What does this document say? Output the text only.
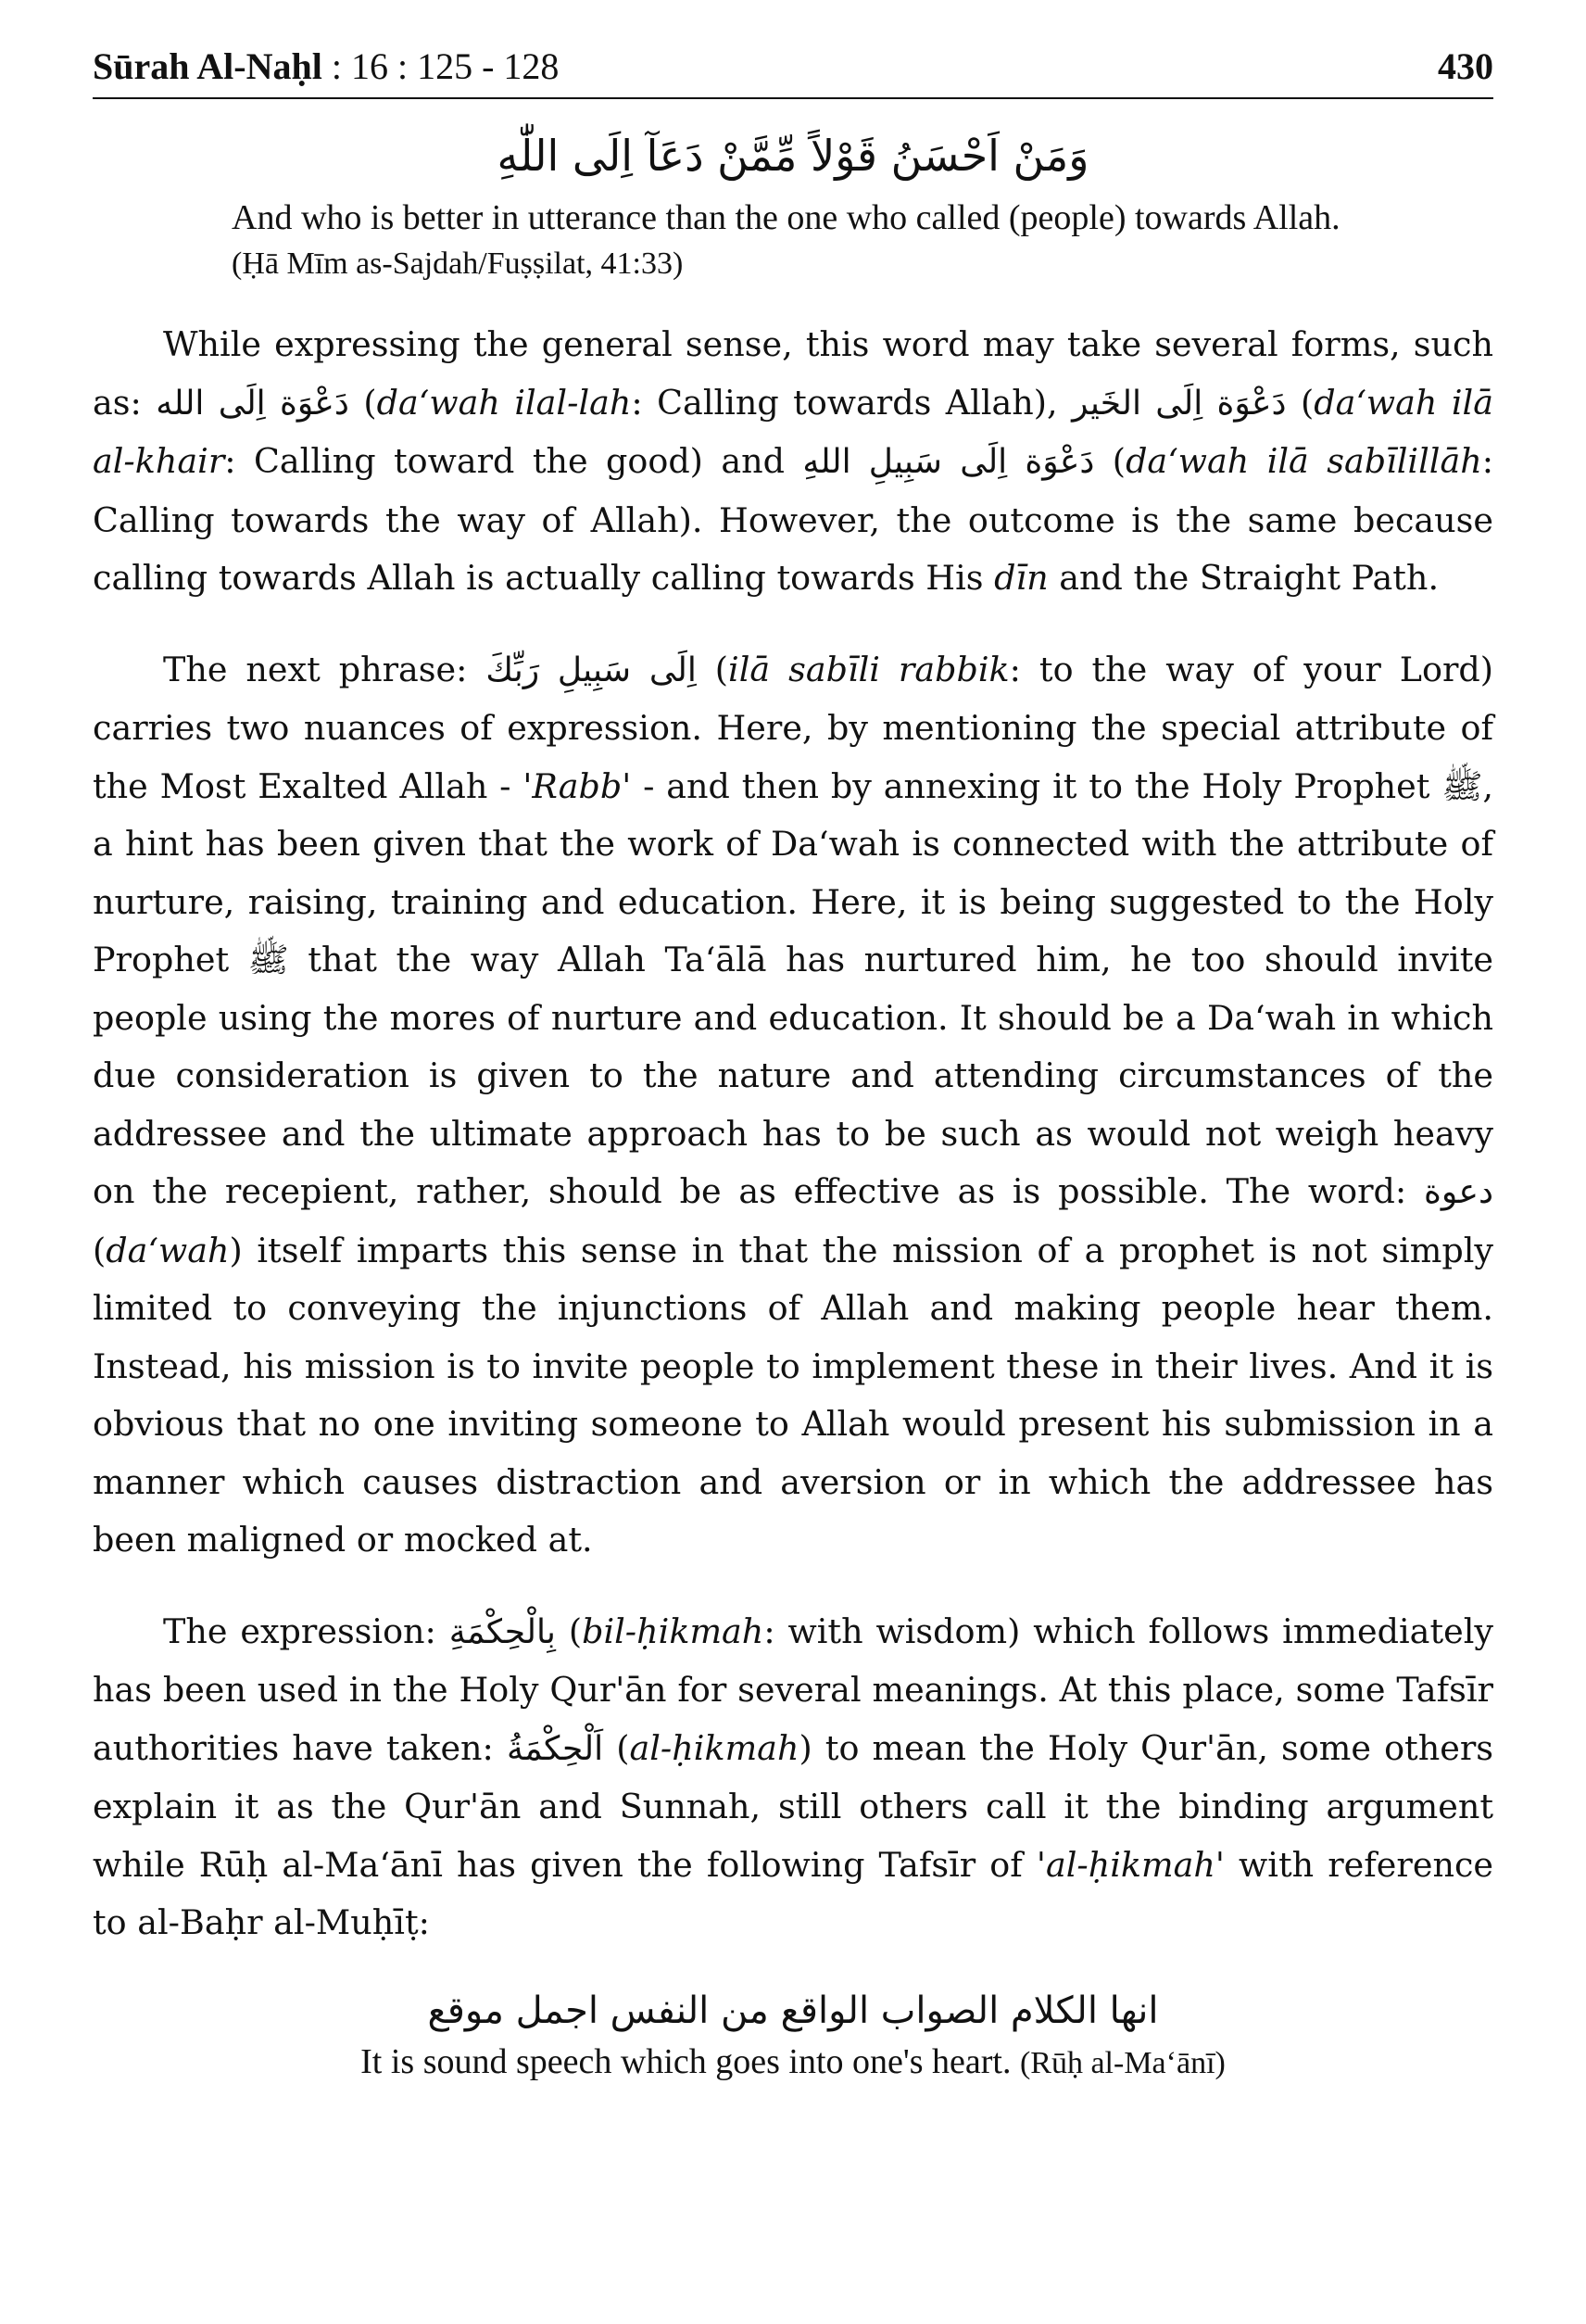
Sūrah Al-Naḥl : 16 : 125 - 128	430
وَمَنْ اَحْسَنُ قَوْلاً مِّمَّنْ دَعَآ اِلَى اللّٰهِ
And who is better in utterance than the one who called (people) towards Allah. (Ḥā Mīm as-Sajdah/Fuṣṣilat, 41:33)

While expressing the general sense, this word may take several forms, such as: دَعْوَة اِلَى الله (da‘wah ilal-lah: Calling towards Allah), دَعْوَة اِلَى الخَير (da‘wah ilā al-khair: Calling toward the good) and دَعْوَة اِلَى سَبِيلِ اللهِ (da‘wah ilā sabīlillāh: Calling towards the way of Allah). However, the outcome is the same because calling towards Allah is actually calling towards His dīn and the Straight Path.

The next phrase: اِلَى سَبِيلِ رَبِّكَ (ilā sabīli rabbik: to the way of your Lord) carries two nuances of expression. Here, by mentioning the special attribute of the Most Exalted Allah - 'Rabb' - and then by annexing it to the Holy Prophet ﷺ, a hint has been given that the work of Da‘wah is connected with the attribute of nurture, raising, training and education. Here, it is being suggested to the Holy Prophet ﷺ that the way Allah Ta‘ālā has nurtured him, he too should invite people using the mores of nurture and education. It should be a Da‘wah in which due consideration is given to the nature and attending circumstances of the addressee and the ultimate approach has to be such as would not weigh heavy on the recepient, rather, should be as effective as is possible. The word: دعوة (da‘wah) itself imparts this sense in that the mission of a prophet is not simply limited to conveying the injunctions of Allah and making people hear them. Instead, his mission is to invite people to implement these in their lives. And it is obvious that no one inviting someone to Allah would present his submission in a manner which causes distraction and aversion or in which the addressee has been maligned or mocked at.

The expression: بِالْحِكْمَةِ (bil-ḥikmah: with wisdom) which follows immediately has been used in the Holy Qur'ān for several meanings. At this place, some Tafsīr authorities have taken: اَلْحِكْمَةُ (al-ḥikmah) to mean the Holy Qur'ān, some others explain it as the Qur'ān and Sunnah, still others call it the binding argument while Rūḥ al-Ma‘ānī has given the following Tafsīr of 'al-ḥikmah' with reference to al-Baḥr al-Muḥīṭ:

انها الكلام الصواب الواقع من النفس اجمل موقع
It is sound speech which goes into one's heart. (Rūḥ al-Ma‘ānī)
